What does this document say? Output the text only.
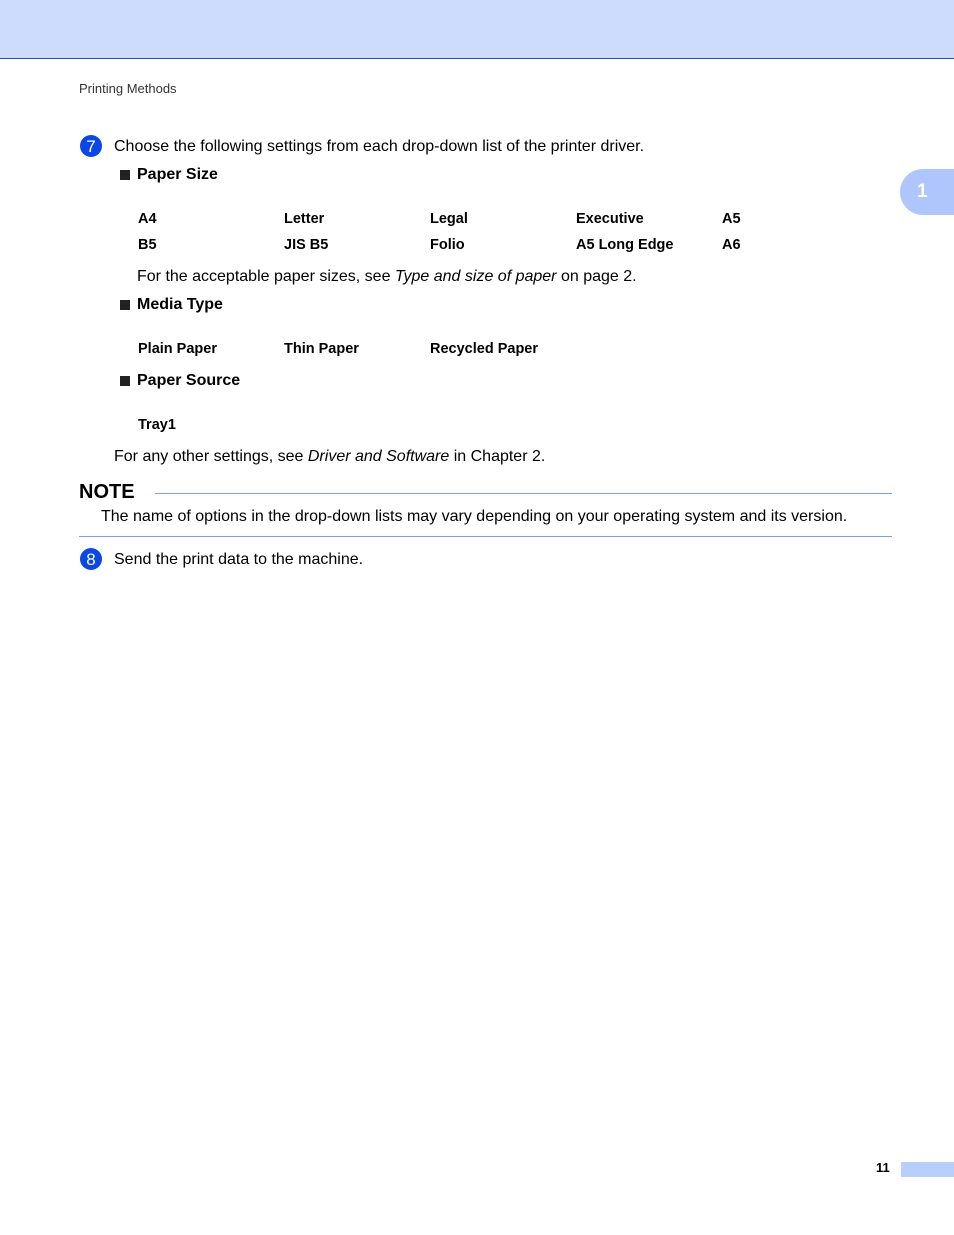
Printing Methods
1
7	Choose the following settings from each drop-down list of the printer driver.
Paper Size
A4	Letter	Legal	Executive	A5
B5	JIS B5	Folio	A5 Long Edge	A6
For the acceptable paper sizes, see Type and size of paper on page 2.
Media Type
Plain Paper	Thin Paper	Recycled Paper
Paper Source
Tray1
For any other settings, see Driver and Software in Chapter 2.
NOTE
The name of options in the drop-down lists may vary depending on your operating system and its version.
8	Send the print data to the machine.
11
